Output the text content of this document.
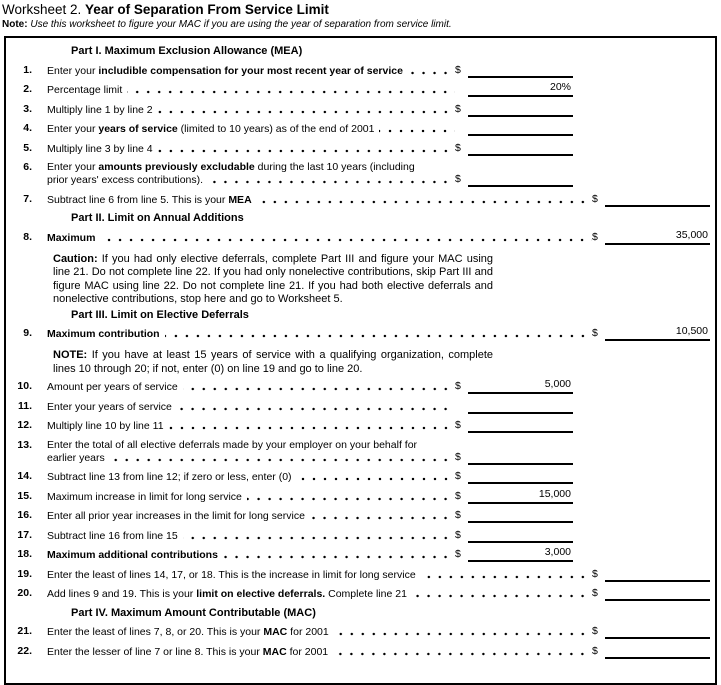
Worksheet 2. Year of Separation From Service Limit
Note: Use this worksheet to figure your MAC if you are using the year of separation from service limit.
Part I. Maximum Exclusion Allowance (MEA)
1. Enter your includible compensation for your most recent year of service	$
2. Percentage limit	20%
3. Multiply line 1 by line 2	$
4. Enter your years of service (limited to 10 years) as of the end of 2001
5. Multiply line 3 by line 4	$
6. Enter your amounts previously excludable during the last 10 years (including
prior years' excess contributions).	$
7. Subtract line 6 from line 5. This is your MEA	$
Part II. Limit on Annual Additions
8. Maximum	$	35,000
Caution: If you had only elective deferrals, complete Part III and figure your MAC using line 21. Do not complete line 22. If you had only nonelective contributions, skip Part III and figure MAC using line 22. Do not complete line 21. If you had both elective deferrals and nonelective contributions, stop here and go to Worksheet 5.
Part III. Limit on Elective Deferrals
9. Maximum contribution	$	10,500
NOTE: If you have at least 15 years of service with a qualifying organization, complete lines 10 through 20; if not, enter (0) on line 19 and go to line 20.
10. Amount per years of service	$	5,000
11. Enter your years of service
12. Multiply line 10 by line 11	$
13. Enter the total of all elective deferrals made by your employer on your behalf for
earlier years	$
14. Subtract line 13 from line 12; if zero or less, enter (0)	$
15. Maximum increase in limit for long service	$	15,000
16. Enter all prior year increases in the limit for long service	$
17. Subtract line 16 from line 15	$
18. Maximum additional contributions	$	3,000
19. Enter the least of lines 14, 17, or 18. This is the increase in limit for long service	$
20. Add lines 9 and 19. This is your limit on elective deferrals. Complete line 21	$
Part IV. Maximum Amount Contributable (MAC)
21. Enter the least of lines 7, 8, or 20. This is your MAC for 2001	$
22. Enter the lesser of line 7 or line 8. This is your MAC for 2001	$
